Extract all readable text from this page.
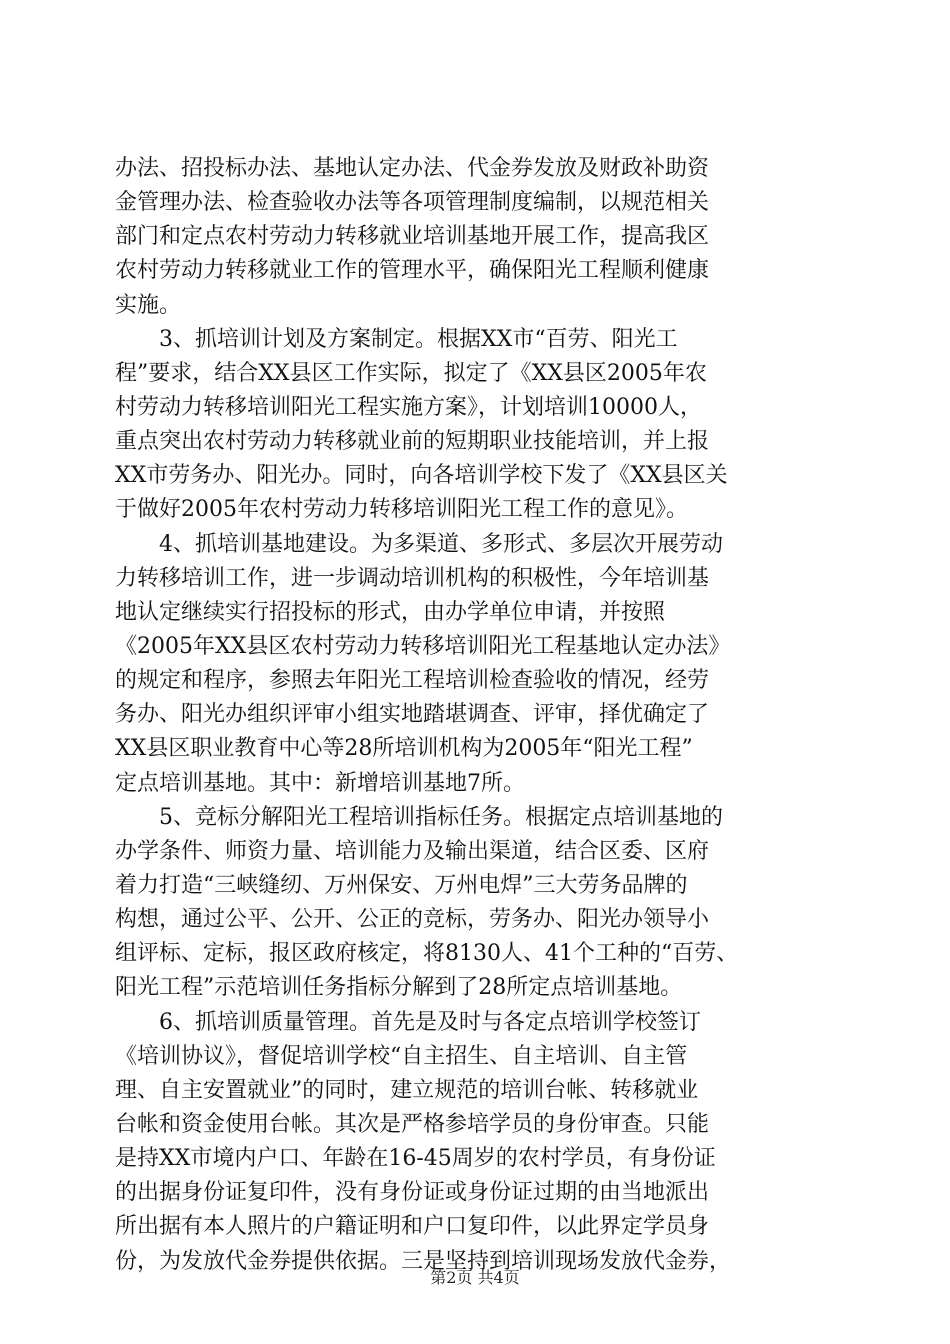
办法、招投标办法、基地认定办法、代金券发放及财政补助资
金管理办法、检查验收办法等各项管理制度编制，以规范相关
部门和定点农村劳动力转移就业培训基地开展工作，提高我区
农村劳动力转移就业工作的管理水平，确保阳光工程顺利健康
实施。
　　3、抓培训计划及方案制定。根据XX市“百劳、阳光工
程”要求，结合XX县区工作实际，拟定了《XX县区2005年农
村劳动力转移培训阳光工程实施方案》，计划培训10000人，
重点突出农村劳动力转移就业前的短期职业技能培训，并上报
XX市劳务办、阳光办。同时，向各培训学校下发了《XX县区关
于做好2005年农村劳动力转移培训阳光工程工作的意见》。
　　4、抓培训基地建设。为多渠道、多形式、多层次开展劳动
力转移培训工作，进一步调动培训机构的积极性，今年培训基
地认定继续实行招投标的形式，由办学单位申请，并按照
《2005年XX县区农村劳动力转移培训阳光工程基地认定办法》
的规定和程序，参照去年阳光工程培训检查验收的情况，经劳
务办、阳光办组织评审小组实地踏堪调查、评审，择优确定了
XX县区职业教育中心等28所培训机构为2005年“阳光工程”
定点培训基地。其中：新增培训基地7所。
　　5、竞标分解阳光工程培训指标任务。根据定点培训基地的
办学条件、师资力量、培训能力及输出渠道，结合区委、区府
着力打造“三峡缝纫、万州保安、万州电焊”三大劳务品牌的
构想，通过公平、公开、公正的竞标，劳务办、阳光办领导小
组评标、定标，报区政府核定，将8130人、41个工种的“百劳、
阳光工程”示范培训任务指标分解到了28所定点培训基地。
　　6、抓培训质量管理。首先是及时与各定点培训学校签订
《培训协议》，督促培训学校“自主招生、自主培训、自主管
理、自主安置就业”的同时，建立规范的培训台帐、转移就业
台帐和资金使用台帐。其次是严格参培学员的身份审查。只能
是持XX市境内户口、年龄在16-45周岁的农村学员，有身份证
的出据身份证复印件，没有身份证或身份证过期的由当地派出
所出据有本人照片的户籍证明和户口复印件，以此界定学员身
份，为发放代金券提供依据。三是坚持到培训现场发放代金券，
第2页 共4页
